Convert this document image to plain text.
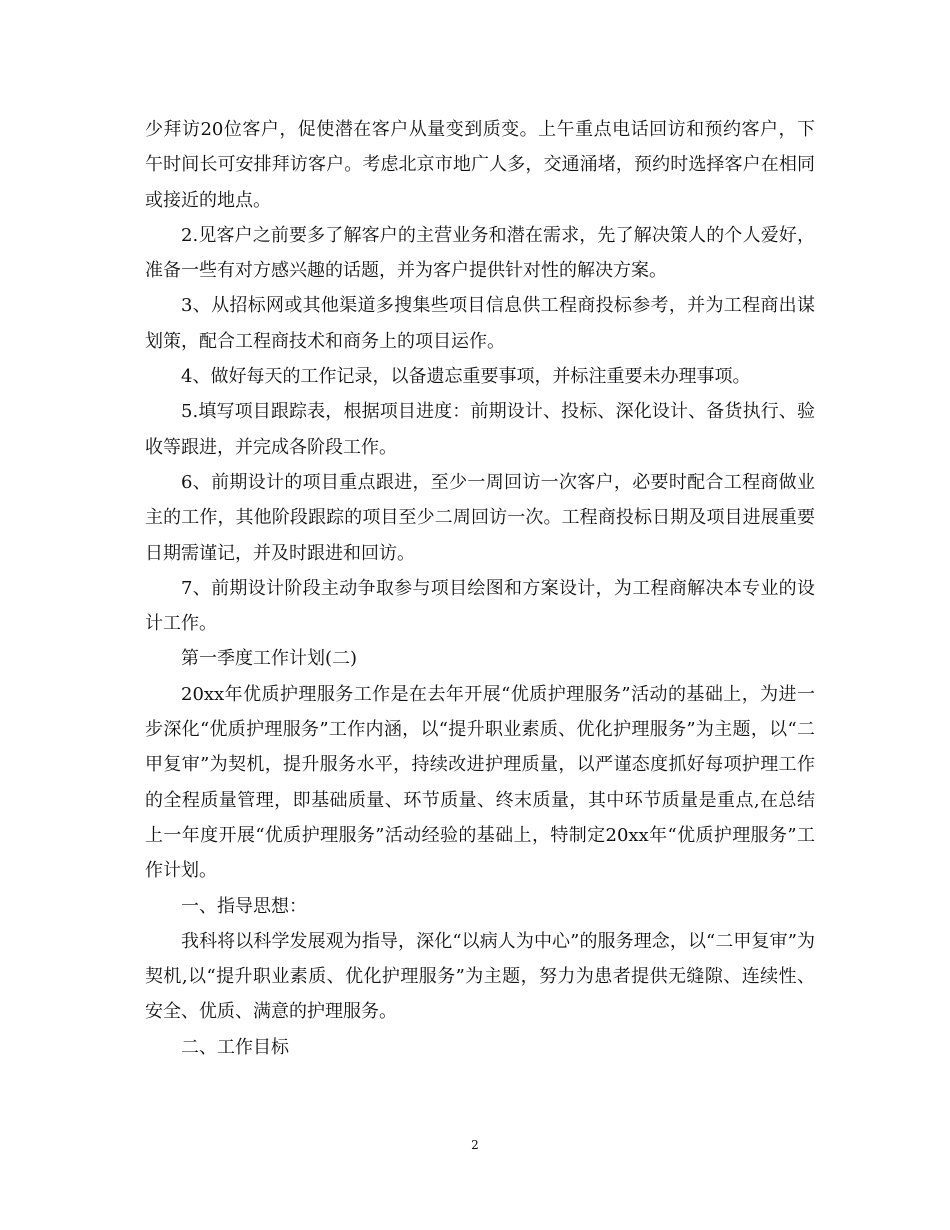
少拜访20位客户，促使潜在客户从量变到质变。上午重点电话回访和预约客户，下午时间长可安排拜访客户。考虑北京市地广人多，交通涌堵，预约时选择客户在相同或接近的地点。

2.见客户之前要多了解客户的主营业务和潜在需求，先了解决策人的个人爱好，准备一些有对方感兴趣的话题，并为客户提供针对性的解决方案。

3、从招标网或其他渠道多搜集些项目信息供工程商投标参考，并为工程商出谋划策，配合工程商技术和商务上的项目运作。

4、做好每天的工作记录，以备遗忘重要事项，并标注重要未办理事项。

5.填写项目跟踪表，根据项目进度：前期设计、投标、深化设计、备货执行、验收等跟进，并完成各阶段工作。

6、前期设计的项目重点跟进，至少一周回访一次客户，必要时配合工程商做业主的工作，其他阶段跟踪的项目至少二周回访一次。工程商投标日期及项目进展重要日期需谨记，并及时跟进和回访。

7、前期设计阶段主动争取参与项目绘图和方案设计，为工程商解决本专业的设计工作。

第一季度工作计划(二)

20xx年优质护理服务工作是在去年开展“优质护理服务”活动的基础上，为进一步深化“优质护理服务”工作内涵，以“提升职业素质、优化护理服务”为主题，以“二甲复审”为契机，提升服务水平，持续改进护理质量，以严谨态度抓好每项护理工作的全程质量管理，即基础质量、环节质量、终末质量，其中环节质量是重点,在总结上一年度开展“优质护理服务”活动经验的基础上，特制定20xx年“优质护理服务”工作计划。

一、指导思想：

我科将以科学发展观为指导，深化“以病人为中心”的服务理念，以“二甲复审”为契机,以“提升职业素质、优化护理服务”为主题，努力为患者提供无缝隙、连续性、安全、优质、满意的护理服务。

二、工作目标

2
